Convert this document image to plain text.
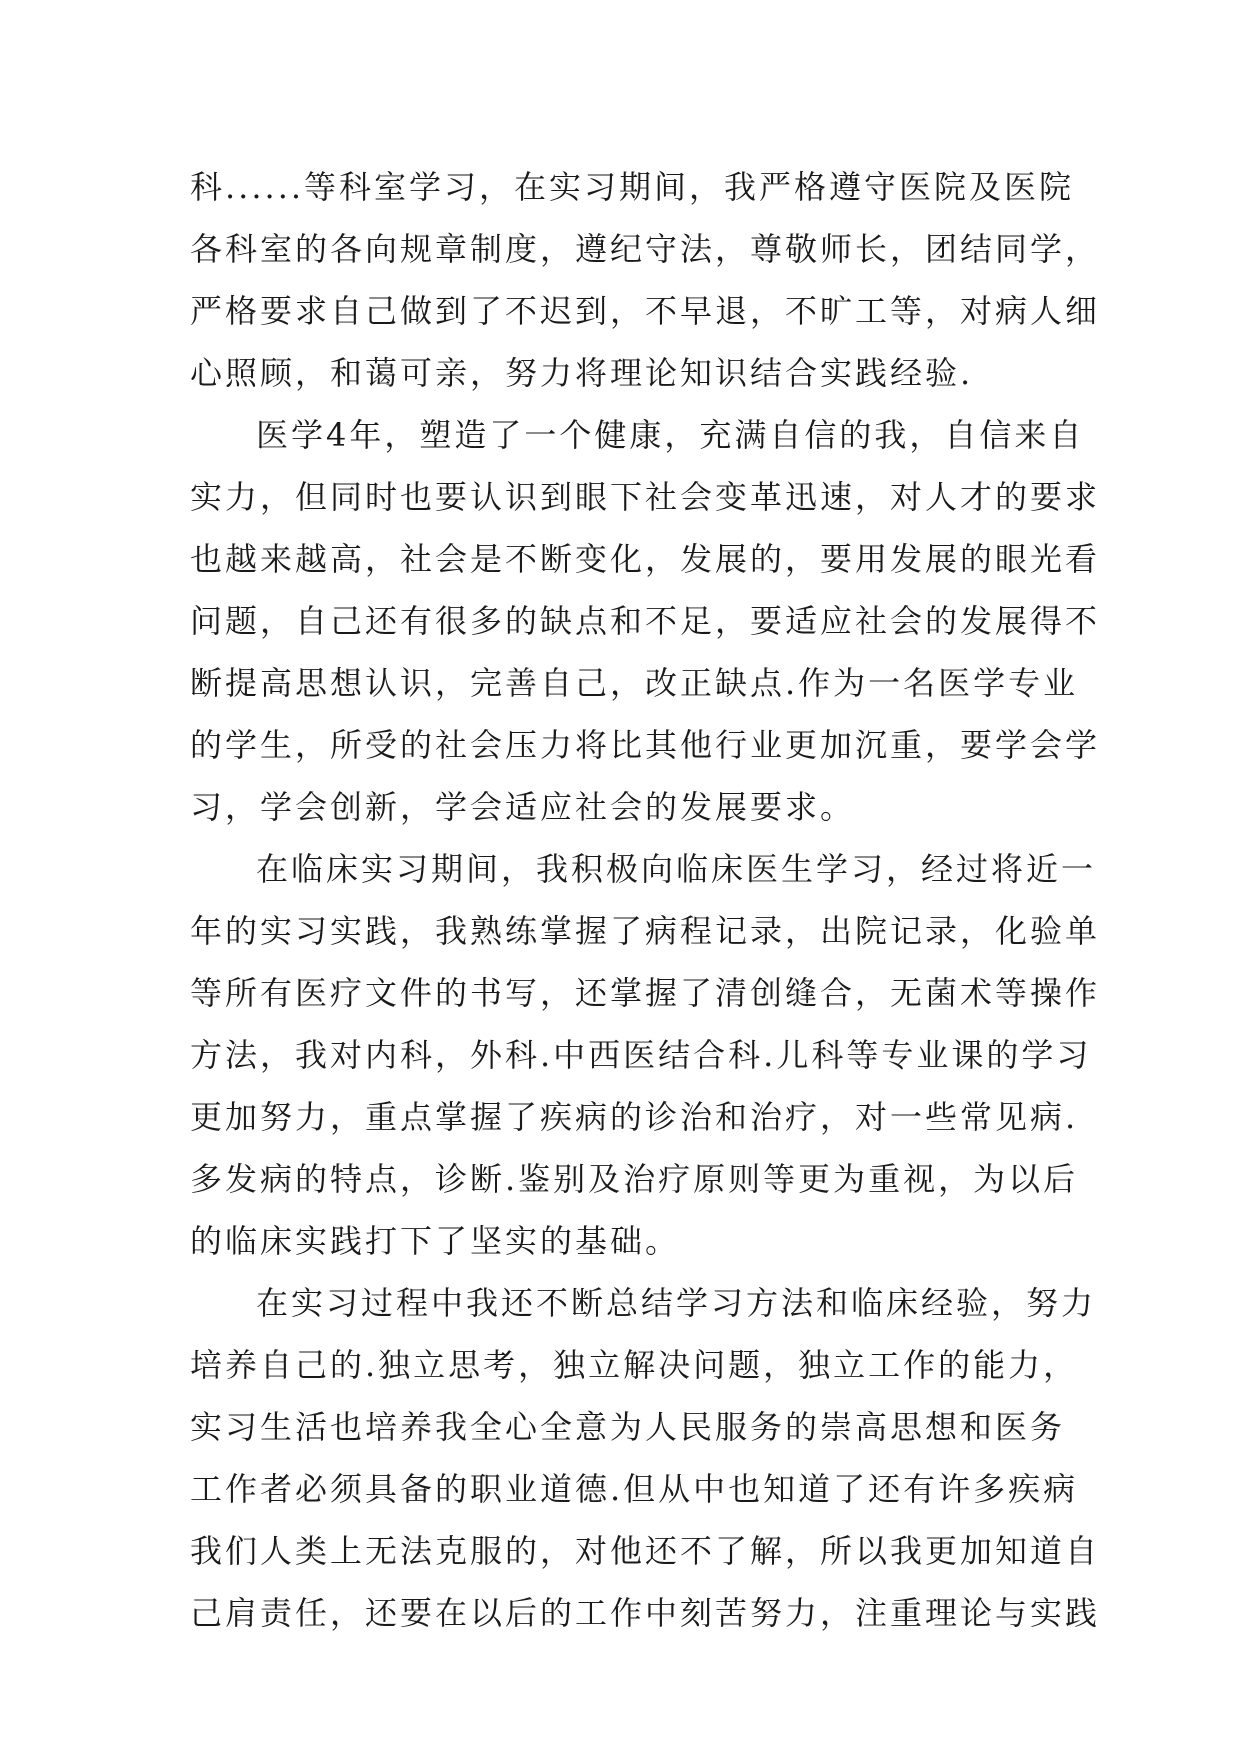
科......等科室学习，在实习期间，我严格遵守医院及医院
各科室的各向规章制度，遵纪守法，尊敬师长，团结同学，
严格要求自己做到了不迟到，不早退，不旷工等，对病人细
心照顾，和蔼可亲，努力将理论知识结合实践经验.
医学4年，塑造了一个健康，充满自信的我，自信来自
实力，但同时也要认识到眼下社会变革迅速，对人才的要求
也越来越高，社会是不断变化，发展的，要用发展的眼光看
问题，自己还有很多的缺点和不足，要适应社会的发展得不
断提高思想认识，完善自己，改正缺点.作为一名医学专业
的学生，所受的社会压力将比其他行业更加沉重，要学会学
习，学会创新，学会适应社会的发展要求。
在临床实习期间，我积极向临床医生学习，经过将近一
年的实习实践，我熟练掌握了病程记录，出院记录，化验单
等所有医疗文件的书写，还掌握了清创缝合，无菌术等操作
方法，我对内科，外科.中西医结合科.儿科等专业课的学习
更加努力，重点掌握了疾病的诊治和治疗，对一些常见病.
多发病的特点，诊断.鉴别及治疗原则等更为重视，为以后
的临床实践打下了坚实的基础。
在实习过程中我还不断总结学习方法和临床经验，努力
培养自己的.独立思考，独立解决问题，独立工作的能力，
实习生活也培养我全心全意为人民服务的崇高思想和医务
工作者必须具备的职业道德.但从中也知道了还有许多疾病
我们人类上无法克服的，对他还不了解，所以我更加知道自
己肩责任，还要在以后的工作中刻苦努力，注重理论与实践
